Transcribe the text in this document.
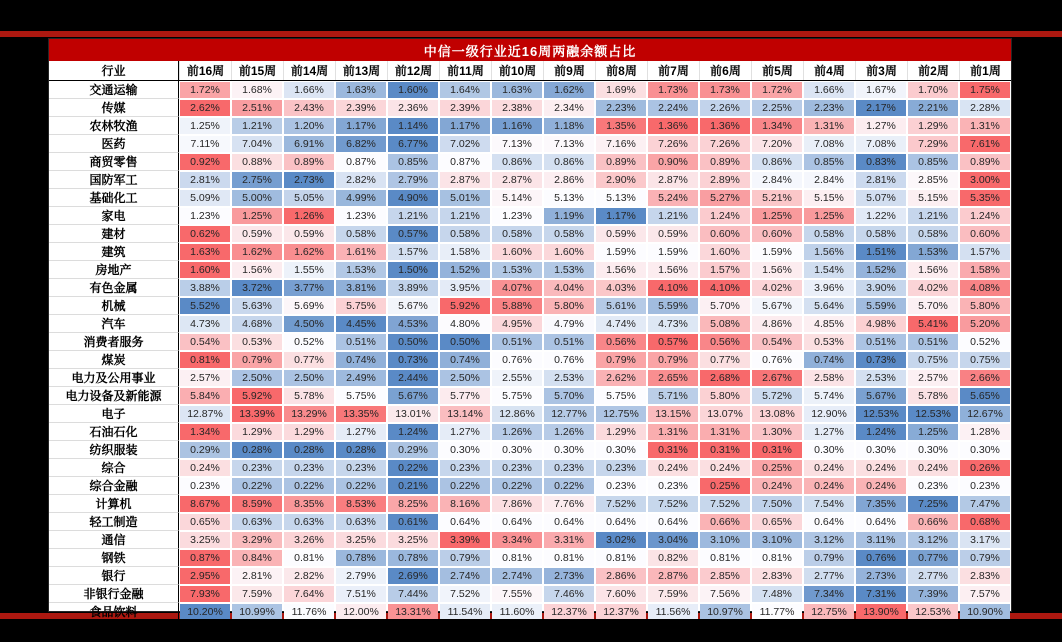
中信一级行业近16周两融余额占比
行业	前16周	前15周	前14周	前13周	前12周	前11周	前10周	前9周	前8周	前7周	前6周	前5周	前4周	前3周	前2周	前1周
交通运输	1.72%	1.68%	1.66%	1.63%	1.60%	1.64%	1.63%	1.62%	1.69%	1.73%	1.73%	1.72%	1.66%	1.67%	1.70%	1.75%
传媒	2.62%	2.51%	2.43%	2.39%	2.36%	2.39%	2.38%	2.34%	2.23%	2.24%	2.26%	2.25%	2.23%	2.17%	2.21%	2.28%
农林牧渔	1.25%	1.21%	1.20%	1.17%	1.14%	1.17%	1.16%	1.18%	1.35%	1.36%	1.36%	1.34%	1.31%	1.27%	1.29%	1.31%
医药	7.11%	7.04%	6.91%	6.82%	6.77%	7.02%	7.13%	7.13%	7.16%	7.26%	7.26%	7.20%	7.08%	7.08%	7.29%	7.61%
商贸零售	0.92%	0.88%	0.89%	0.87%	0.85%	0.87%	0.86%	0.86%	0.89%	0.90%	0.89%	0.86%	0.85%	0.83%	0.85%	0.89%
国防军工	2.81%	2.75%	2.73%	2.82%	2.79%	2.87%	2.87%	2.86%	2.90%	2.87%	2.89%	2.84%	2.84%	2.81%	2.85%	3.00%
基础化工	5.09%	5.00%	5.05%	4.99%	4.90%	5.01%	5.14%	5.13%	5.13%	5.24%	5.27%	5.21%	5.15%	5.07%	5.15%	5.35%
家电	1.23%	1.25%	1.26%	1.23%	1.21%	1.21%	1.23%	1.19%	1.17%	1.21%	1.24%	1.25%	1.25%	1.22%	1.21%	1.24%
建材	0.62%	0.59%	0.59%	0.58%	0.57%	0.58%	0.58%	0.58%	0.59%	0.59%	0.60%	0.60%	0.58%	0.58%	0.58%	0.60%
建筑	1.63%	1.62%	1.62%	1.61%	1.57%	1.58%	1.60%	1.60%	1.59%	1.59%	1.60%	1.59%	1.56%	1.51%	1.53%	1.57%
房地产	1.60%	1.56%	1.55%	1.53%	1.50%	1.52%	1.53%	1.53%	1.56%	1.56%	1.57%	1.56%	1.54%	1.52%	1.56%	1.58%
有色金属	3.88%	3.72%	3.77%	3.81%	3.89%	3.95%	4.07%	4.04%	4.03%	4.10%	4.10%	4.02%	3.96%	3.90%	4.02%	4.08%
机械	5.52%	5.63%	5.69%	5.75%	5.67%	5.92%	5.88%	5.80%	5.61%	5.59%	5.70%	5.67%	5.64%	5.59%	5.70%	5.80%
汽车	4.73%	4.68%	4.50%	4.45%	4.53%	4.80%	4.95%	4.79%	4.74%	4.73%	5.08%	4.86%	4.85%	4.98%	5.41%	5.20%
消费者服务	0.54%	0.53%	0.52%	0.51%	0.50%	0.50%	0.51%	0.51%	0.56%	0.57%	0.56%	0.54%	0.53%	0.51%	0.51%	0.52%
煤炭	0.81%	0.79%	0.77%	0.74%	0.73%	0.74%	0.76%	0.76%	0.79%	0.79%	0.77%	0.76%	0.74%	0.73%	0.75%	0.75%
电力及公用事业	2.57%	2.50%	2.50%	2.49%	2.44%	2.50%	2.55%	2.53%	2.62%	2.65%	2.68%	2.67%	2.58%	2.53%	2.57%	2.66%
电力设备及新能源	5.84%	5.92%	5.78%	5.75%	5.67%	5.77%	5.75%	5.70%	5.75%	5.71%	5.80%	5.72%	5.74%	5.67%	5.78%	5.65%
电子	12.87%	13.39%	13.29%	13.35%	13.01%	13.14%	12.86%	12.77%	12.75%	13.15%	13.07%	13.08%	12.90%	12.53%	12.53%	12.67%
石油石化	1.34%	1.29%	1.29%	1.27%	1.24%	1.27%	1.26%	1.26%	1.29%	1.31%	1.31%	1.30%	1.27%	1.24%	1.25%	1.28%
纺织服装	0.29%	0.28%	0.28%	0.28%	0.29%	0.30%	0.30%	0.30%	0.30%	0.31%	0.31%	0.31%	0.30%	0.30%	0.30%	0.30%
综合	0.24%	0.23%	0.23%	0.23%	0.22%	0.23%	0.23%	0.23%	0.23%	0.24%	0.24%	0.25%	0.24%	0.24%	0.24%	0.26%
综合金融	0.23%	0.22%	0.22%	0.22%	0.21%	0.22%	0.22%	0.22%	0.23%	0.23%	0.25%	0.24%	0.24%	0.24%	0.23%	0.23%
计算机	8.67%	8.59%	8.35%	8.53%	8.25%	8.16%	7.86%	7.76%	7.52%	7.52%	7.52%	7.50%	7.54%	7.35%	7.25%	7.47%
轻工制造	0.65%	0.63%	0.63%	0.63%	0.61%	0.64%	0.64%	0.64%	0.64%	0.64%	0.66%	0.65%	0.64%	0.64%	0.66%	0.68%
通信	3.25%	3.29%	3.26%	3.25%	3.25%	3.39%	3.34%	3.31%	3.02%	3.04%	3.10%	3.10%	3.12%	3.11%	3.12%	3.17%
钢铁	0.87%	0.84%	0.81%	0.78%	0.78%	0.79%	0.81%	0.81%	0.81%	0.82%	0.81%	0.81%	0.79%	0.76%	0.77%	0.79%
银行	2.95%	2.81%	2.82%	2.79%	2.69%	2.74%	2.74%	2.73%	2.86%	2.87%	2.85%	2.83%	2.77%	2.73%	2.77%	2.83%
非银行金融	7.93%	7.59%	7.64%	7.51%	7.44%	7.52%	7.55%	7.46%	7.60%	7.59%	7.56%	7.48%	7.34%	7.31%	7.39%	7.57%
食品饮料	10.20%	10.99%	11.76%	12.00%	13.31%	11.54%	11.60%	12.37%	12.37%	11.56%	10.97%	11.77%	12.75%	13.90%	12.53%	10.90%
